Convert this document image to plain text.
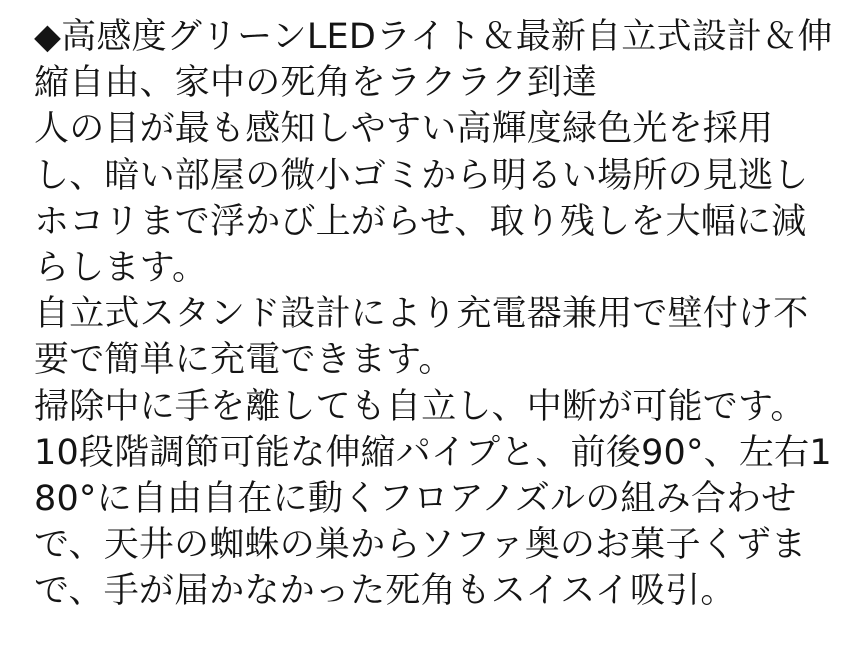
◆高感度グリーンLEDライト＆最新自立式設計＆伸縮自由、家中の死角をラクラク到達

人の目が最も感知しやすい高輝度緑色光を採用し、暗い部屋の微小ゴミから明るい場所の見逃しホコリまで浮かび上がらせ、取り残しを大幅に減らします。

自立式スタンド設計により充電器兼用で壁付け不要で簡単に充電できます。

掃除中に手を離しても自立し、中断が可能です。

10段階調節可能な伸縮パイプと、前後90°、左右180°に自由自在に動くフロアノズルの組み合わせで、天井の蜘蛛の巣からソファ奥のお菓子くずまで、手が届かなかった死角もスイスイ吸引。
